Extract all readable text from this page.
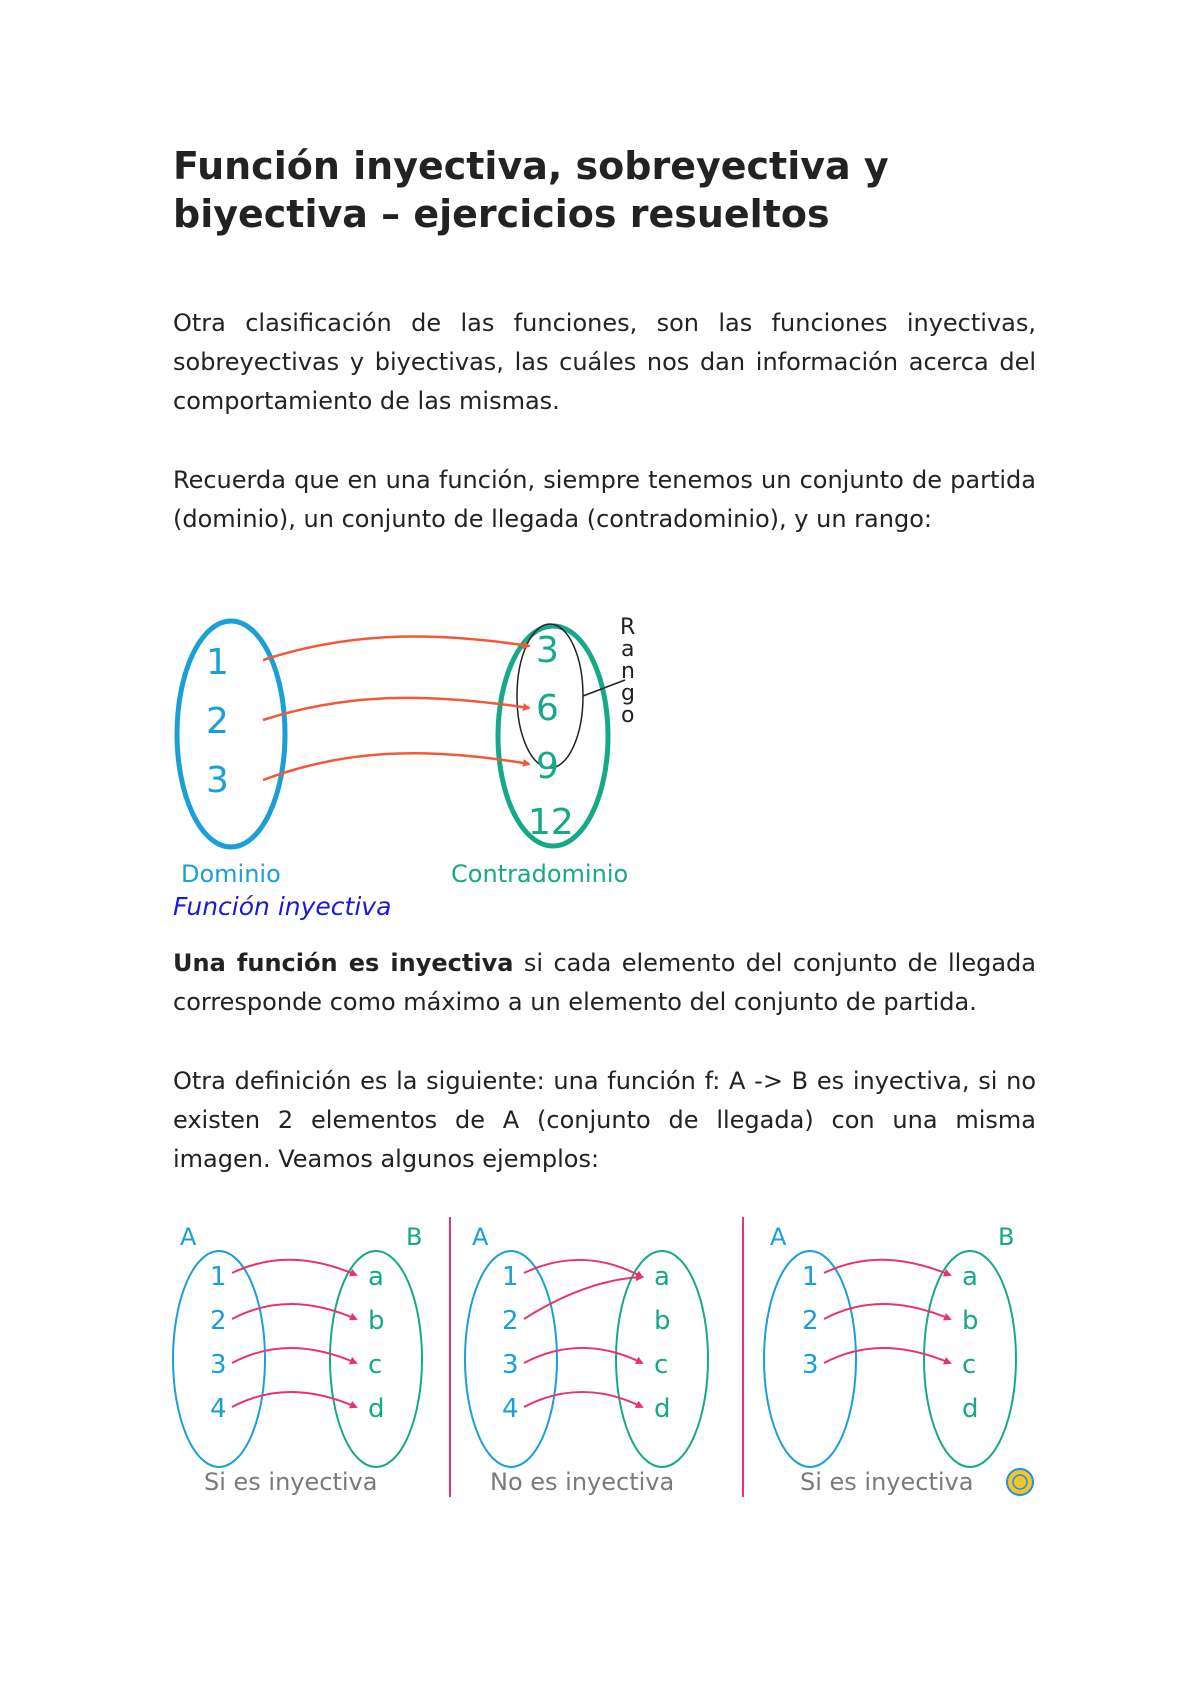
Función inyectiva, sobreyectiva y biyectiva – ejercicios resueltos

Otra clasificación de las funciones, son las funciones inyectivas, sobreyectivas y biyectivas, las cuáles nos dan información acerca del comportamiento de las mismas.

Recuerda que en una función, siempre tenemos un conjunto de partida (dominio), un conjunto de llegada (contradominio), y un rango:

1
2
3
3
6
9
12
R
a
n
g
o
Dominio	Contradominio

Función inyectiva

Una función es inyectiva si cada elemento del conjunto de llegada corresponde como máximo a un elemento del conjunto de partida.

Otra definición es la siguiente: una función f: A -> B es inyectiva, si no existen 2 elementos de A (conjunto de llegada) con una misma imagen. Veamos algunos ejemplos:

A	B
1
2
3
4
a
b
c
d
Si es inyectiva
A
1
2
3
4
a
b
c
d
No es inyectiva
A	B
1
2
3
a
b
c
d
Si es inyectiva
